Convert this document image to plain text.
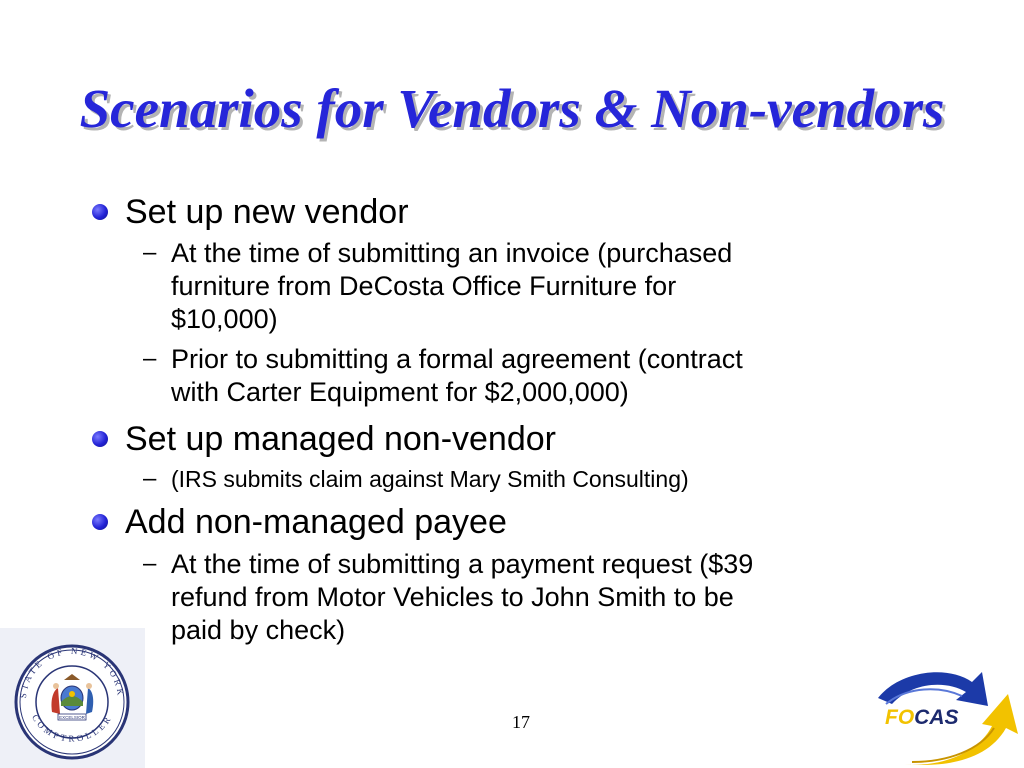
Scenarios for Vendors & Non-vendors
Set up new vendor
– At the time of submitting an invoice (purchased
furniture from DeCosta Office Furniture for
$10,000)
– Prior to submitting a formal agreement (contract
with Carter Equipment for $2,000,000)
Set up managed non-vendor
– (IRS submits claim against Mary Smith Consulting)
Add non-managed payee
– At the time of submitting a payment request ($39
refund from Motor Vehicles to John Smith to be
paid by check)
STATE OF NEW YORK
COMPTROLLER
EXCELSIOR	FOCAS
17
